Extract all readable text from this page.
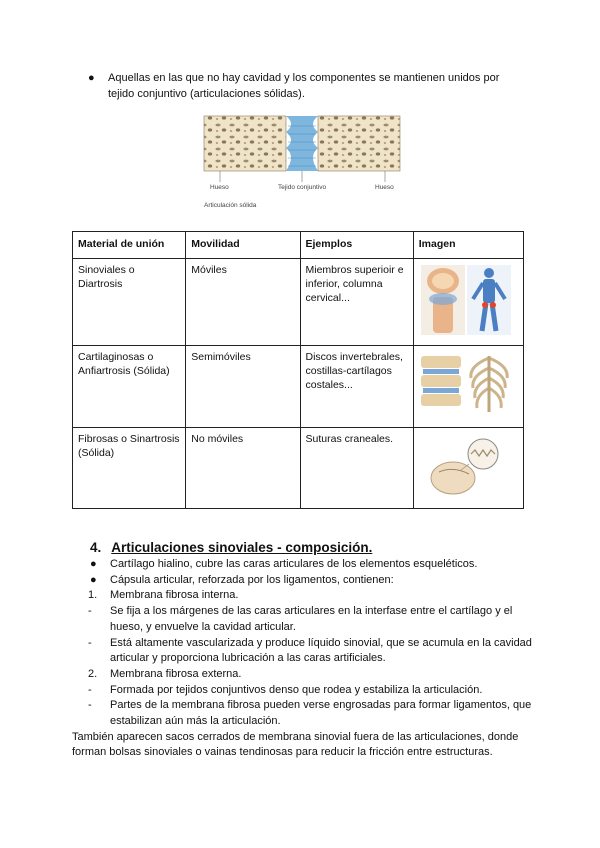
●	Aquellas en las que no hay cavidad y los componentes se mantienen unidos por tejido conjuntivo (articulaciones sólidas).
Hueso	Tejido conjuntivo	Hueso
Articulación sólida
Material de unión	Movilidad	Ejemplos	Imagen
Sinoviales o Diartrosis	Móviles	Miembros superioir e inferior, columna cervical...	
Cartilaginosas o Anfiartrosis (Sólida)	Semimóviles	Discos invertebrales, costillas-cartílagos costales...	
Fibrosas o Sinartrosis (Sólida)	No móviles	Suturas craneales.	
4. Articulaciones sinoviales - composición.
● Cartílago hialino, cubre las caras articulares de los elementos esqueléticos.
● Cápsula articular, reforzada por los ligamentos, contienen:
1. Membrana fibrosa interna.
- Se fija a los márgenes de las caras articulares en la interfase entre el cartílago y el hueso, y envuelve la cavidad articular.
- Está altamente vascularizada y produce líquido sinovial, que se acumula en la cavidad articular y proporciona lubricación a las caras artificiales.
2. Membrana fibrosa externa.
- Formada por tejidos conjuntivos denso que rodea y estabiliza la articulación.
- Partes de la membrana fibrosa pueden verse engrosadas para formar ligamentos, que estabilizan aún más la articulación.
También aparecen sacos cerrados de membrana sinovial fuera de las articulaciones, donde forman bolsas sinoviales o vainas tendinosas para reducir la fricción entre estructuras.
